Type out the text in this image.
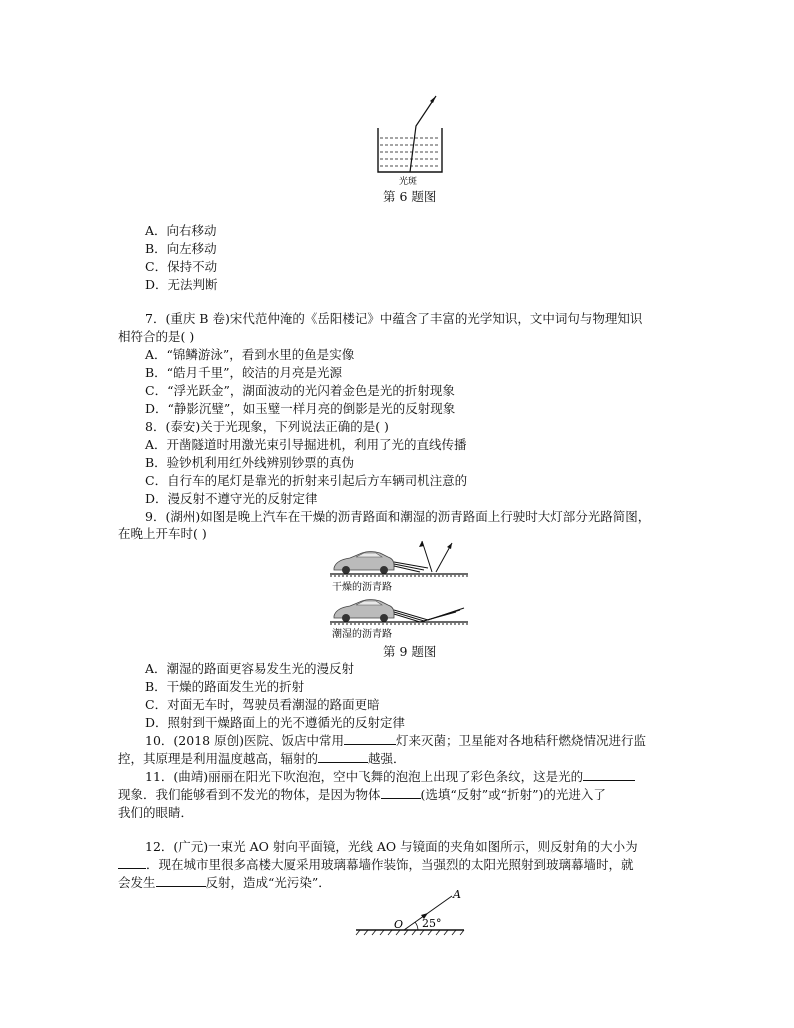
光斑
第 6 题图
A．向右移动
B．向左移动
C．保持不动
D．无法判断
7．(重庆 B 卷)宋代范仲淹的《岳阳楼记》中蕴含了丰富的光学知识，文中词句与物理知识
相符合的是( )
A．“锦鳞游泳”，看到水里的鱼是实像
B．“皓月千里”，皎洁的月亮是光源
C．“浮光跃金”，湖面波动的光闪着金色是光的折射现象
D．“静影沉璧”，如玉璧一样月亮的倒影是光的反射现象
8．(泰安)关于光现象，下列说法正确的是( )
A．开凿隧道时用激光束引导掘进机，利用了光的直线传播
B．验钞机利用红外线辨别钞票的真伪
C．自行车的尾灯是靠光的折射来引起后方车辆司机注意的
D．漫反射不遵守光的反射定律
9．(湖州)如图是晚上汽车在干燥的沥青路面和潮湿的沥青路面上行驶时大灯部分光路简图，
在晚上开车时( )
干燥的沥青路
潮湿的沥青路
第 9 题图
A．潮湿的路面更容易发生光的漫反射
B．干燥的路面发生光的折射
C．对面无车时，驾驶员看潮湿的路面更暗
D．照射到干燥路面上的光不遵循光的反射定律
10．(2018 原创)医院、饭店中常用	灯来灭菌；卫星能对各地秸秆燃烧情况进行监
控，其原理是利用温度越高，辐射的	越强．
11．(曲靖)丽丽在阳光下吹泡泡，空中飞舞的泡泡上出现了彩色条纹，这是光的
现象．我们能够看到不发光的物体，是因为物体	(选填“反射”或“折射”)的光进入了
我们的眼睛．
12．(广元)一束光 AO 射向平面镜，光线 AO 与镜面的夹角如图所示，则反射角的大小为
．现在城市里很多高楼大厦采用玻璃幕墙作装饰，当强烈的太阳光照射到玻璃幕墙时，就
会发生	反射，造成“光污染”．
A
O 25°
